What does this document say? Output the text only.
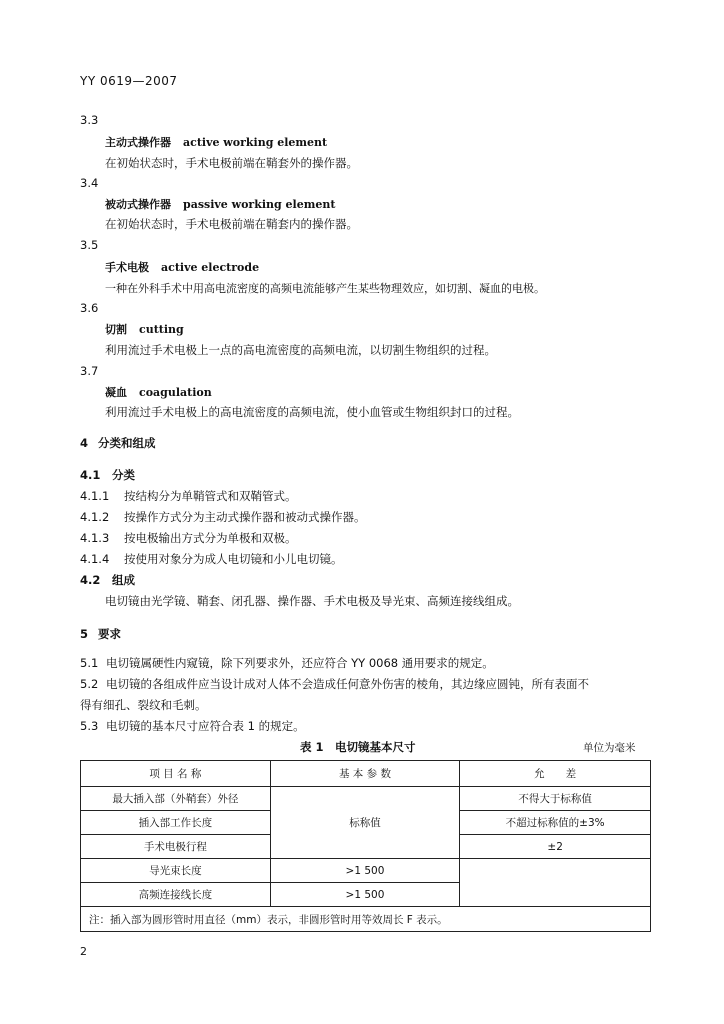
YY 0619—2007
3.3
主动式操作器 active working element
在初始状态时，手术电极前端在鞘套外的操作器。
3.4
被动式操作器 passive working element
在初始状态时，手术电极前端在鞘套内的操作器。
3.5
手术电极 active electrode
一种在外科手术中用高电流密度的高频电流能够产生某些物理效应，如切割、凝血的电极。
3.6
切割 cutting
利用流过手术电极上一点的高电流密度的高频电流，以切割生物组织的过程。
3.7
凝血 coagulation
利用流过手术电极上的高电流密度的高频电流，使小血管或生物组织封口的过程。
4 分类和组成
4.1 分类
4.1.1 按结构分为单鞘管式和双鞘管式。
4.1.2 按操作方式分为主动式操作器和被动式操作器。
4.1.3 按电极输出方式分为单极和双极。
4.1.4 按使用对象分为成人电切镜和小儿电切镜。
4.2 组成
电切镜由光学镜、鞘套、闭孔器、操作器、手术电极及导光束、高频连接线组成。
5 要求
5.1 电切镜属硬性内窥镜，除下列要求外，还应符合 YY 0068 通用要求的规定。
5.2 电切镜的各组成件应当设计成对人体不会造成任何意外伤害的棱角，其边缘应圆钝，所有表面不
得有细孔、裂纹和毛刺。
5.3 电切镜的基本尺寸应符合表 1 的规定。
表 1　电切镜基本尺寸	单位为毫米
项 目 名 称	基 本 参 数	允　　差
最大插入部（外鞘套）外径	标称值	不得大于标称值
插入部工作长度		不超过标称值的±3%
手术电极行程		±2
导光束长度	>1 500	
高频连接线长度	>1 500	
注：插入部为圆形管时用直径（mm）表示，非圆形管时用等效周长 F 表示。		
2
